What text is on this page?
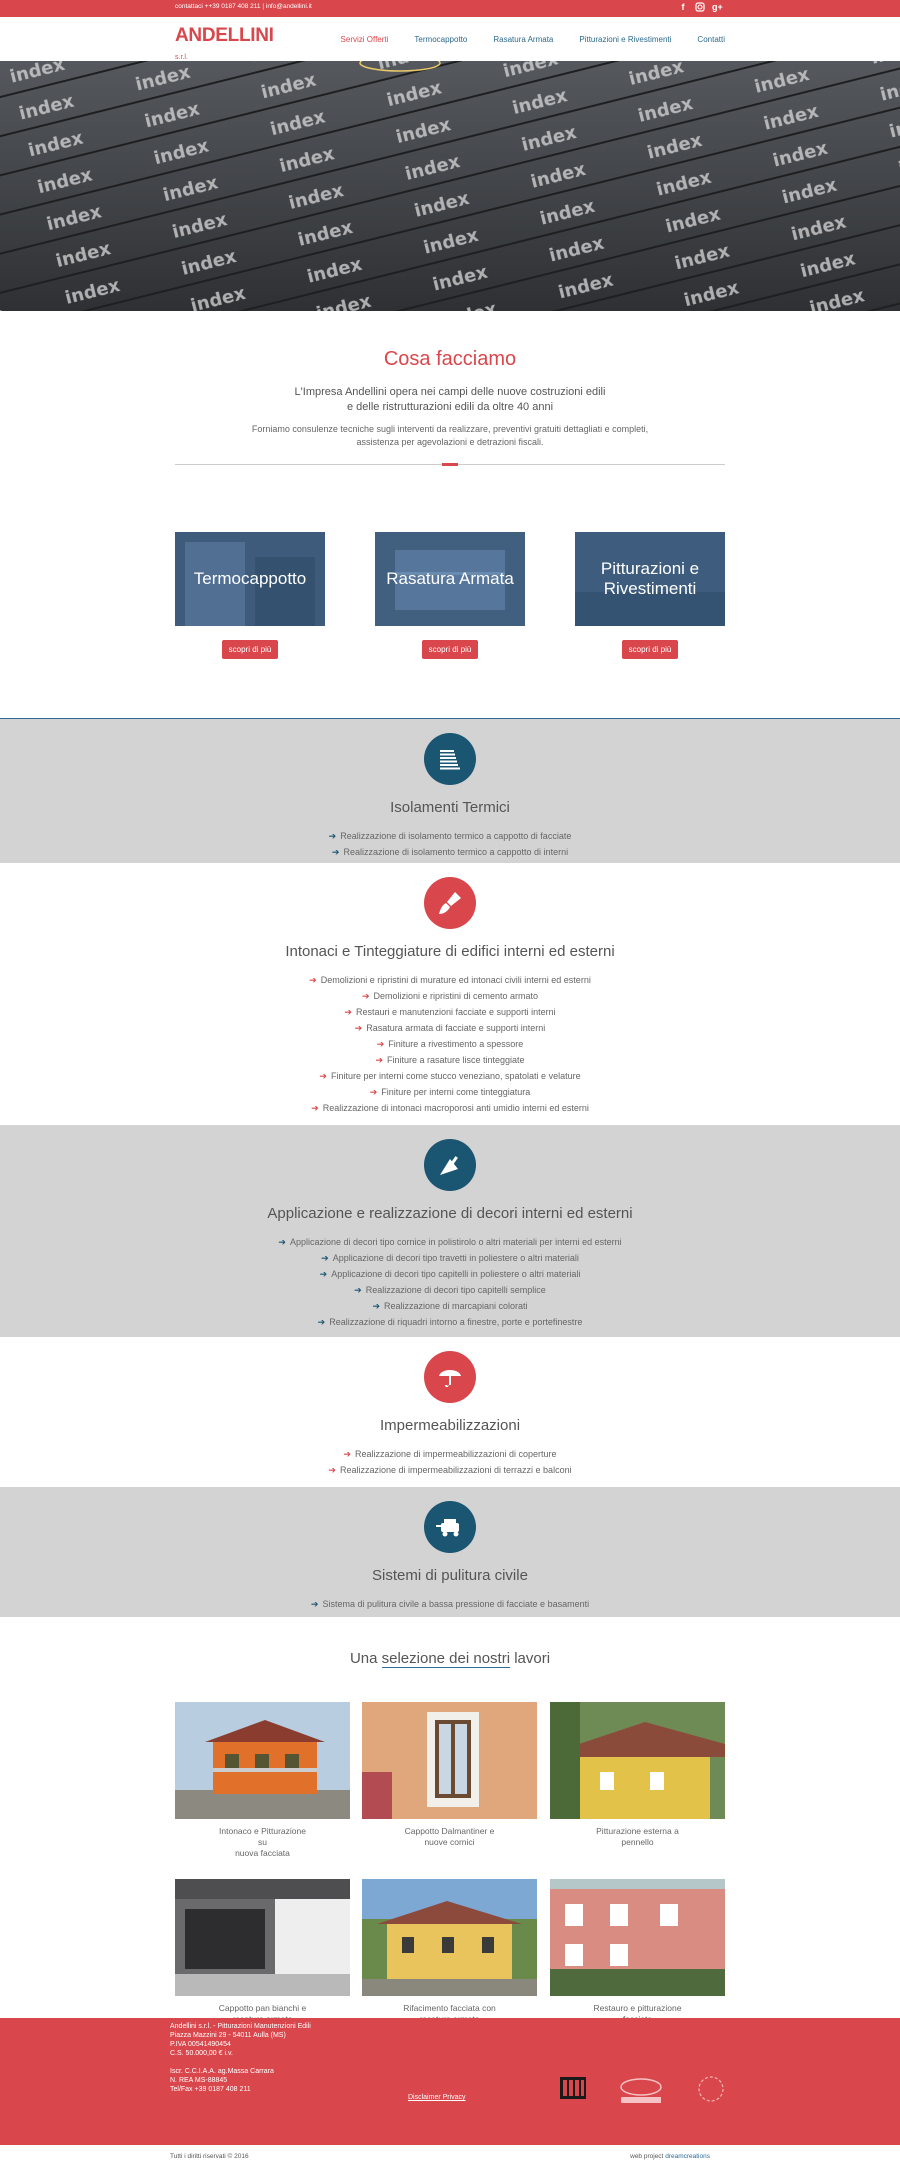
contattaci ++39 0187 408 211 | info@andellini.it	f	g+
ANDELLINI s.r.l.
Servizi Offerti	Termocappotto	Rasatura Armata	Pitturazioni e Rivestimenti	Contatti
Cosa facciamo
L'Impresa Andellini opera nei campi delle nuove costruzioni edili
e delle ristrutturazioni edili da oltre 40 anni
Forniamo consulenze tecniche sugli interventi da realizzare, preventivi gratuiti dettagliati e completi,
assistenza per agevolazioni e detrazioni fiscali.
Termocappotto
scopri di più
Rasatura Armata
scopri di più
Pitturazioni e
Rivestimenti
scopri di più
Isolamenti Termici
➔ Realizzazione di isolamento termico a cappotto di facciate
➔ Realizzazione di isolamento termico a cappotto di interni
Intonaci e Tinteggiature di edifici interni ed esterni
➔ Demolizioni e ripristini di murature ed intonaci civili interni ed esterni
➔ Demolizioni e ripristini di cemento armato
➔ Restauri e manutenzioni facciate e supporti interni
➔ Rasatura armata di facciate e supporti interni
➔ Finiture a rivestimento a spessore
➔ Finiture a rasature lisce tinteggiate
➔ Finiture per interni come stucco veneziano, spatolati e velature
➔ Finiture per interni come tinteggiatura
➔ Realizzazione di intonaci macroporosi anti umidio interni ed esterni
Applicazione e realizzazione di decori interni ed esterni
➔ Applicazione di decori tipo cornice in polistirolo o altri materiali per interni ed esterni
➔ Applicazione di decori tipo travetti in poliestere o altri materiali
➔ Applicazione di decori tipo capitelli in poliestere o altri materiali
➔ Realizzazione di decori tipo capitelli semplice
➔ Realizzazione di marcapiani colorati
➔ Realizzazione di riquadri intorno a finestre, porte e portefinestre
Impermeabilizzazioni
➔ Realizzazione di impermeabilizzazioni di coperture
➔ Realizzazione di impermeabilizzazioni di terrazzi e balconi
Sistemi di pulitura civile
➔ Sistema di pulitura civile a bassa pressione di facciate e basamenti
Una selezione dei nostri lavori
Intonaco e Pitturazione su
nuova facciata
Cappotto Dalmantiner e
nuove cornici
Pitturazione esterna a
pennello
Cappotto pan bianchi e	Rifacimento facciata con	Restauro e pitturazione

Andellini s.r.l. - Pitturazioni Manutenzioni Edili

Piazza Mazzini 29 - 54011 Aulla (MS)

P.IVA 00541490454

C.S. 50.000,00 € i.v.

Iscr. C.C.I.A.A. ag.Massa Carrara

N. REA MS-88845

Tel/Fax +39 0187 408 211

Disclaimer Privacy
Tutti i diritti riservati © 2016	web project dreamcreations
